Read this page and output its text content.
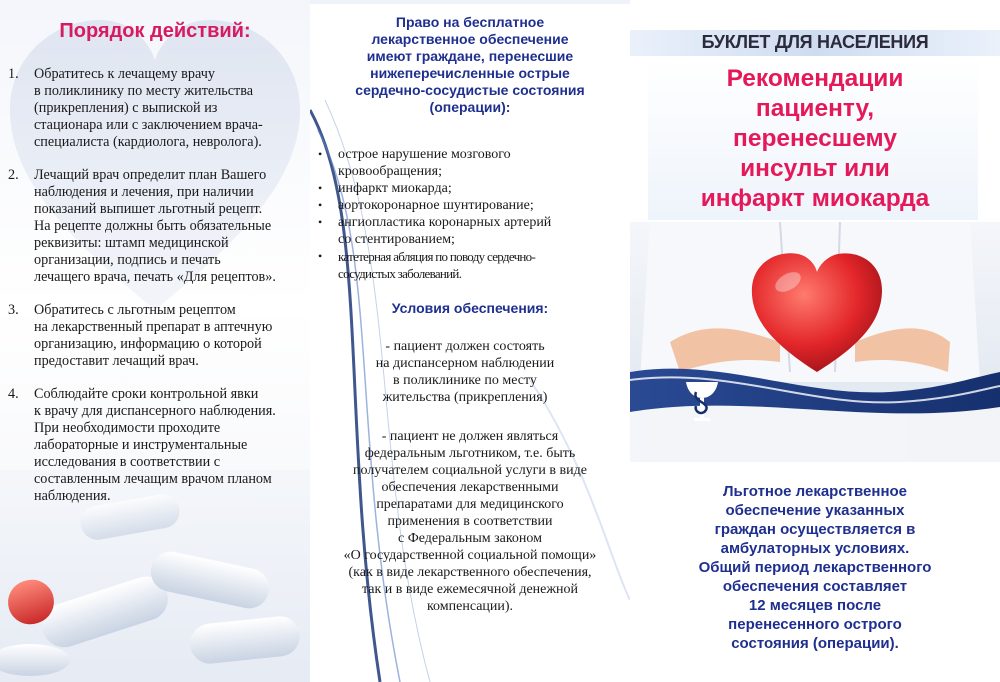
Порядок действий:
1.	Обратитесь к лечащему врачу
в поликлинику по месту жительства
(прикрепления) с выпиской из
стационара или с заключением врача-
специалиста (кардиолога, невролога).
2.	Лечащий врач определит план Вашего
наблюдения и лечения, при наличии
показаний выпишет льготный рецепт.
На рецепте должны быть обязательные
реквизиты: штамп медицинской
организации, подпись и печать
лечащего врача, печать «Для рецептов».
3.	Обратитесь с льготным рецептом
на лекарственный препарат в аптечную
организацию, информацию о которой
предоставит лечащий врач.
4.	Соблюдайте сроки контрольной явки
к врачу для диспансерного наблюдения.
При необходимости проходите
лабораторные и инструментальные
исследования в соответствии с
составленным лечащим врачом планом
наблюдения.
Право на бесплатное
лекарственное обеспечение
имеют граждане, перенесшие
нижеперечисленные острые
сердечно-сосудистые состояния
(операции):
•	острое нарушение мозгового
кровообращения;
•	инфаркт миокарда;
•	аортокоронарное шунтирование;
•	ангиопластика коронарных артерий
со стентированием;
•	катетерная абляция по поводу сердечно-
сосудистых заболеваний.
Условия обеспечения:
- пациент должен состоять
на диспансерном наблюдении
в поликлинике по месту
жительства (прикрепления)
- пациент не должен являться
федеральным льготником, т.е. быть
получателем социальной услуги в виде
обеспечения лекарственными
препаратами для медицинского
применения в соответствии
с Федеральным законом
«О государственной социальной помощи»
(как в виде лекарственного обеспечения,
так и в виде ежемесячной денежной
компенсации).
БУКЛЕТ ДЛЯ НАСЕЛЕНИЯ
Рекомендации
пациенту,
перенесшему
инсульт или
инфаркт миокарда
Льготное лекарственное
обеспечение указанных
граждан осуществляется в
амбулаторных условиях.
Общий период лекарственного
обеспечения составляет
12 месяцев после
перенесенного острого
состояния (операции).
